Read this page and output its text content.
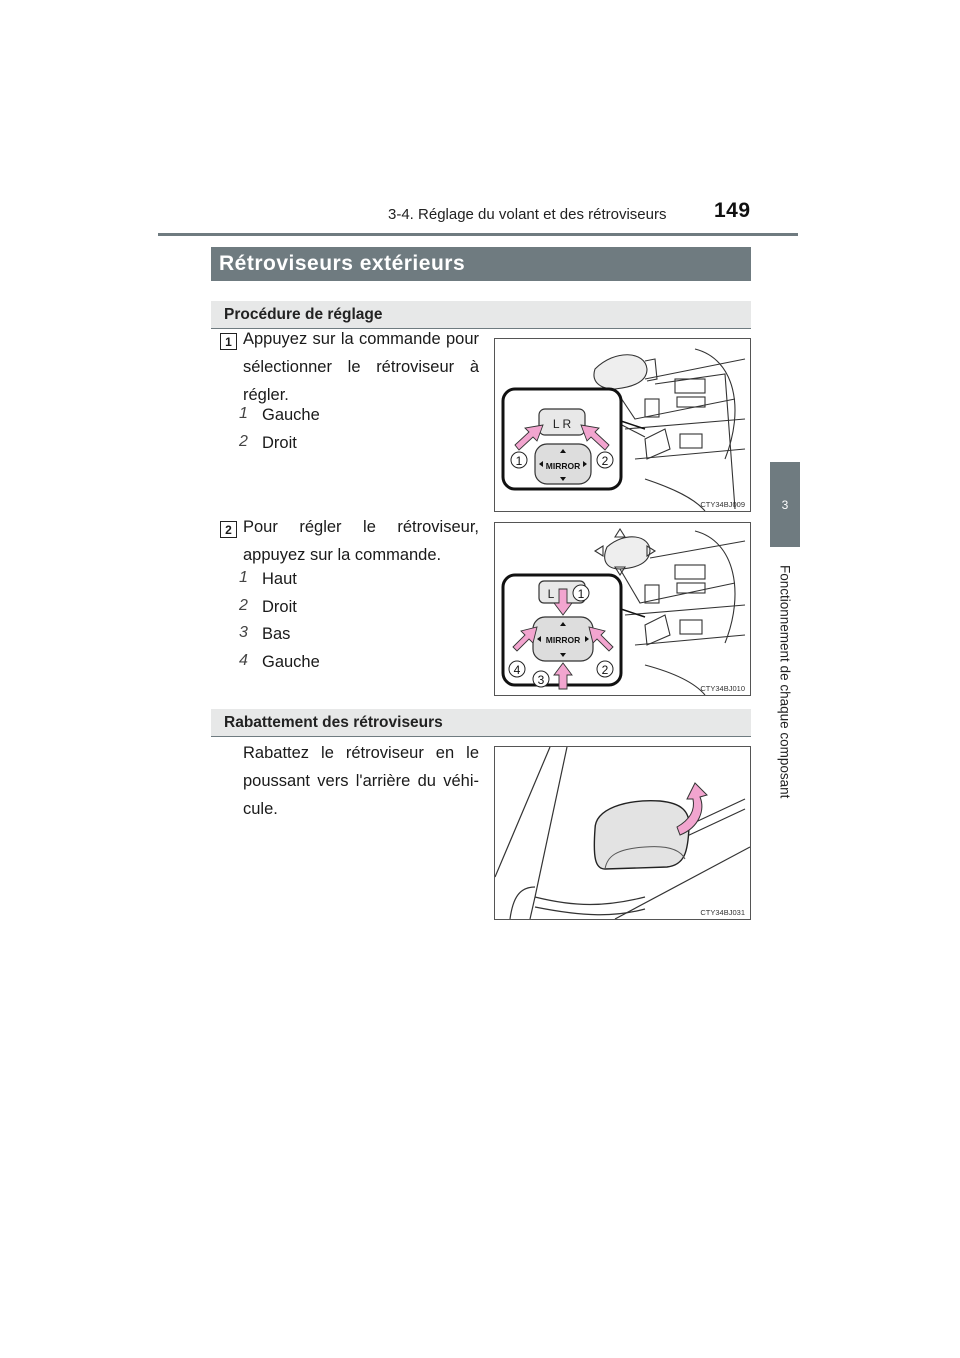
3-4. Réglage du volant et des rétroviseurs 149
3
Fonctionnement de chaque composant
Rétroviseurs extérieurs
Procédure de réglage
1 Appuyez sur la commande pour sélectionner le rétroviseur à régler.
1 Gauche
2 Droit
L R
MIRROR
1	2
CTY34BJ009
2 Pour régler le rétroviseur, appuyez sur la commande.
1 Haut
2 Droit
3 Bas
4 Gauche
L
MIRROR
1
2
3
4
CTY34BJ010
Rabattement des rétroviseurs
Rabattez le rétroviseur en le poussant vers l'arrière du véhi-cule.
CTY34BJ031
